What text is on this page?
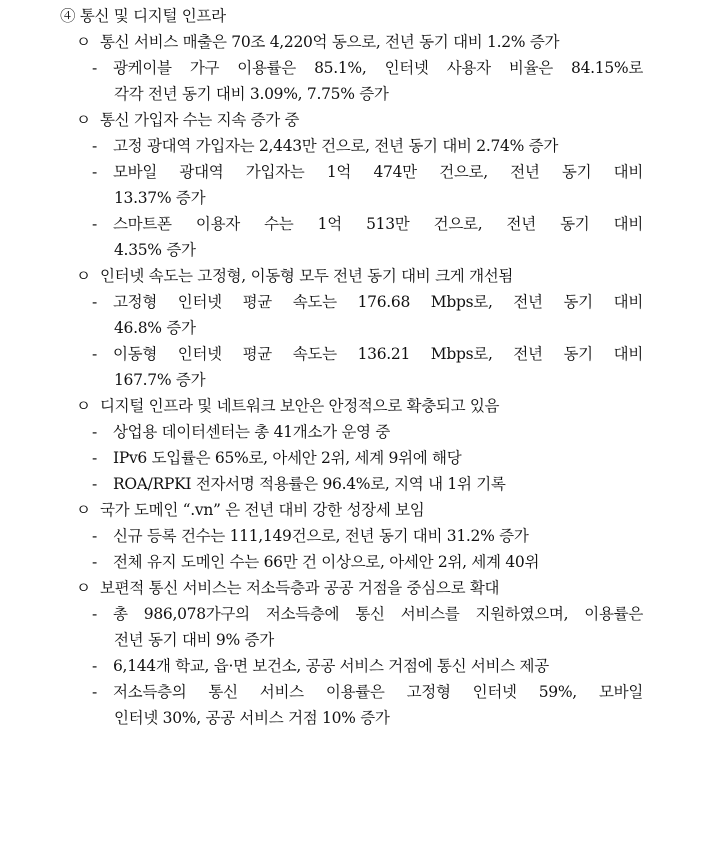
④ 통신 및 디지털 인프라
ㅇ 통신 서비스 매출은 70조 4,220억 동으로, 전년 동기 대비 1.2% 증가
- 광케이블 가구 이용률은 85.1%, 인터넷 사용자 비율은 84.15%로
각각 전년 동기 대비 3.09%, 7.75% 증가
ㅇ 통신 가입자 수는 지속 증가 중
- 고정 광대역 가입자는 2,443만 건으로, 전년 동기 대비 2.74% 증가
- 모바일 광대역 가입자는 1억 474만 건으로, 전년 동기 대비
13.37% 증가
- 스마트폰 이용자 수는 1억 513만 건으로, 전년 동기 대비
4.35% 증가
ㅇ 인터넷 속도는 고정형, 이동형 모두 전년 동기 대비 크게 개선됨
- 고정형 인터넷 평균 속도는 176.68 Mbps로, 전년 동기 대비
46.8% 증가
- 이동형 인터넷 평균 속도는 136.21 Mbps로, 전년 동기 대비
167.7% 증가
ㅇ 디지털 인프라 및 네트워크 보안은 안정적으로 확충되고 있음
- 상업용 데이터센터는 총 41개소가 운영 중
- IPv6 도입률은 65%로, 아세안 2위, 세계 9위에 해당
- ROA/RPKI 전자서명 적용률은 96.4%로, 지역 내 1위 기록
ㅇ 국가 도메인 “.vn” 은 전년 대비 강한 성장세 보임
- 신규 등록 건수는 111,149건으로, 전년 동기 대비 31.2% 증가
- 전체 유지 도메인 수는 66만 건 이상으로, 아세안 2위, 세계 40위
ㅇ 보편적 통신 서비스는 저소득층과 공공 거점을 중심으로 확대
- 총 986,078가구의 저소득층에 통신 서비스를 지원하였으며, 이용률은
전년 동기 대비 9% 증가
- 6,144개 학교, 읍·면 보건소, 공공 서비스 거점에 통신 서비스 제공
- 저소득층의 통신 서비스 이용률은 고정형 인터넷 59%, 모바일
인터넷 30%, 공공 서비스 거점 10% 증가
